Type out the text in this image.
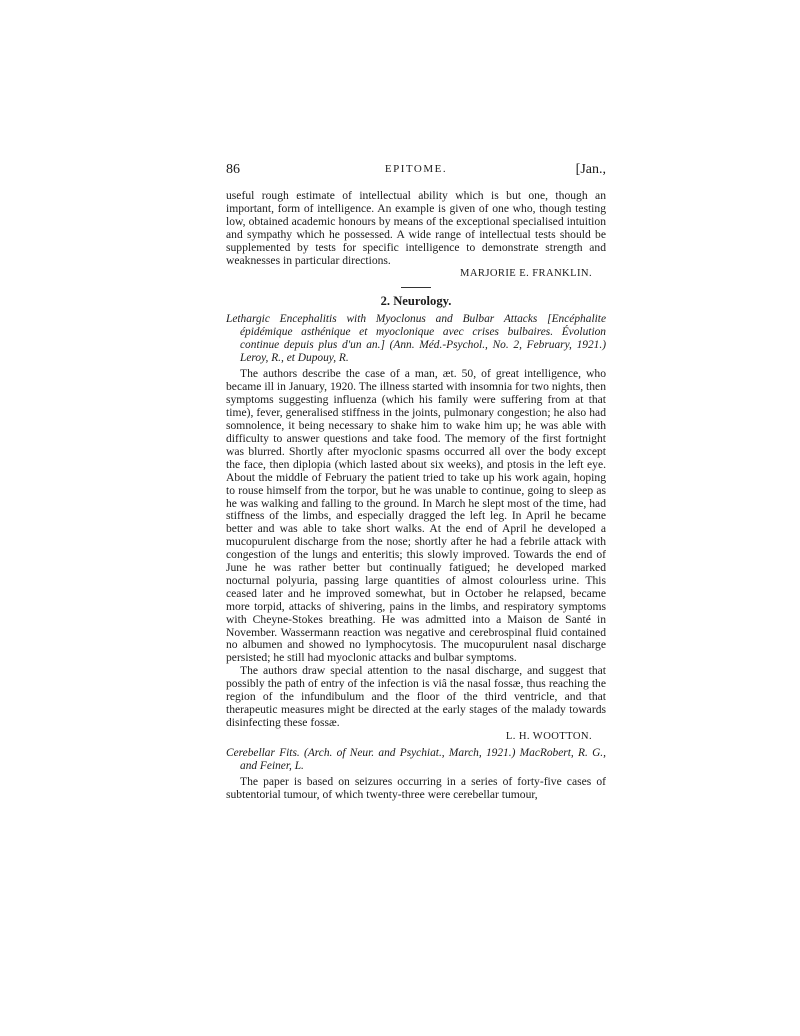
86	EPITOME.	[Jan.,

useful rough estimate of intellectual ability which is but one, though an important, form of intelligence. An example is given of one who, though testing low, obtained academic honours by means of the exceptional specialised intuition and sympathy which he possessed. A wide range of intellectual tests should be supplemented by tests for specific intelligence to demonstrate strength and weaknesses in particular directions.

MARJORIE E. FRANKLIN.
2. Neurology.
Lethargic Encephalitis with Myoclonus and Bulbar Attacks [Encéphalite épidémique asthénique et myoclonique avec crises bulbaires. Évolution continue depuis plus d'un an.] (Ann. Méd.-Psychol., No. 2, February, 1921.) Leroy, R., et Dupouy, R.

The authors describe the case of a man, æt. 50, of great intelligence, who became ill in January, 1920. The illness started with insomnia for two nights, then symptoms suggesting influenza (which his family were suffering from at that time), fever, generalised stiffness in the joints, pulmonary congestion; he also had somnolence, it being necessary to shake him to wake him up; he was able with difficulty to answer questions and take food. The memory of the first fortnight was blurred. Shortly after myoclonic spasms occurred all over the body except the face, then diplopia (which lasted about six weeks), and ptosis in the left eye. About the middle of February the patient tried to take up his work again, hoping to rouse himself from the torpor, but he was unable to continue, going to sleep as he was walking and falling to the ground. In March he slept most of the time, had stiffness of the limbs, and especially dragged the left leg. In April he became better and was able to take short walks. At the end of April he developed a mucopurulent discharge from the nose; shortly after he had a febrile attack with congestion of the lungs and enteritis; this slowly improved. Towards the end of June he was rather better but continually fatigued; he developed marked nocturnal polyuria, passing large quantities of almost colourless urine. This ceased later and he improved somewhat, but in October he relapsed, became more torpid, attacks of shivering, pains in the limbs, and respiratory symptoms with Cheyne-Stokes breathing. He was admitted into a Maison de Santé in November. Wassermann reaction was negative and cerebrospinal fluid contained no albumen and showed no lymphocytosis. The mucopurulent nasal discharge persisted; he still had myoclonic attacks and bulbar symptoms.

The authors draw special attention to the nasal discharge, and suggest that possibly the path of entry of the infection is viâ the nasal fossæ, thus reaching the region of the infundibulum and the floor of the third ventricle, and that therapeutic measures might be directed at the early stages of the malady towards disinfecting these fossæ.

L. H. WOOTTON.
Cerebellar Fits. (Arch. of Neur. and Psychiat., March, 1921.) MacRobert, R. G., and Feiner, L.

The paper is based on seizures occurring in a series of forty-five cases of subtentorial tumour, of which twenty-three were cerebellar tumour,
